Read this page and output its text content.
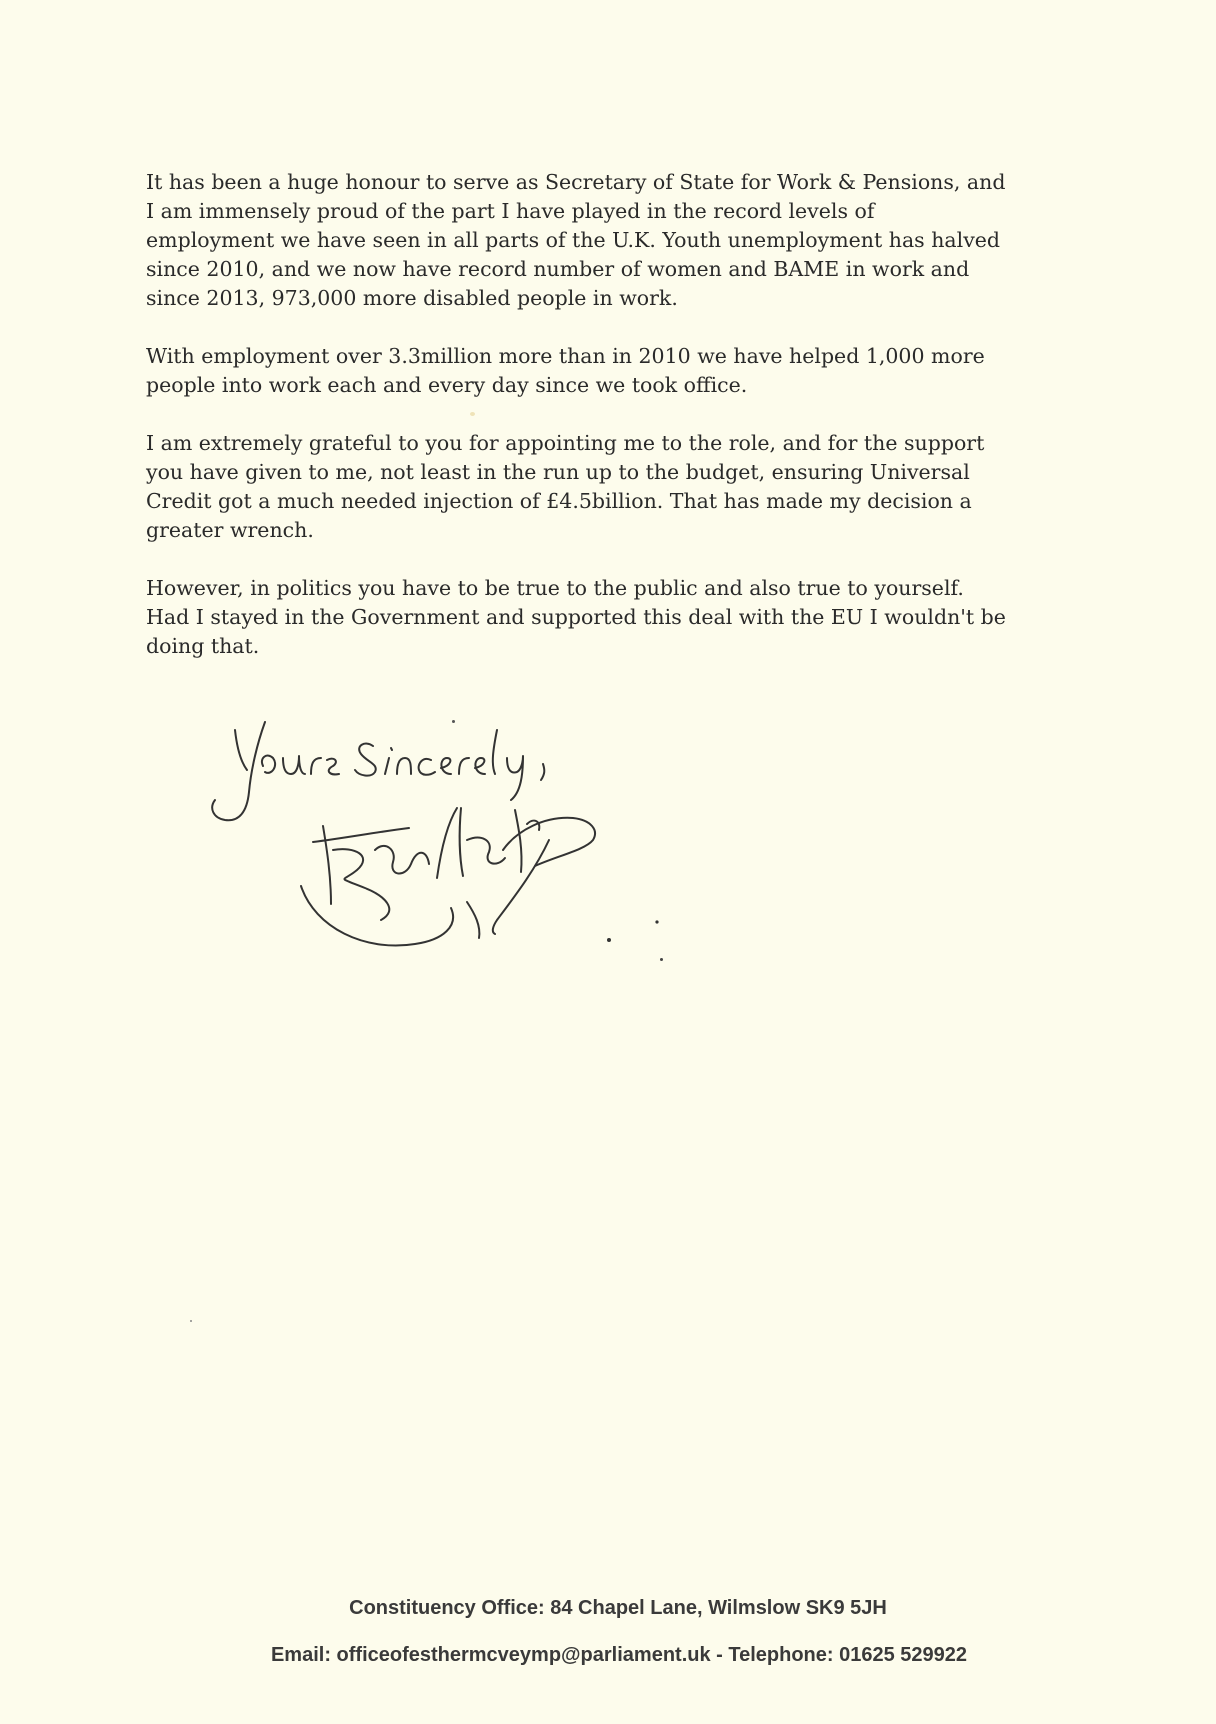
It has been a huge honour to serve as Secretary of State for Work & Pensions, and
I am immensely proud of the part I have played in the record levels of
employment we have seen in all parts of the U.K. Youth unemployment has halved
since 2010, and we now have record number of women and BAME in work and
since 2013, 973,000 more disabled people in work.

With employment over 3.3million more than in 2010 we have helped 1,000 more
people into work each and every day since we took office.

I am extremely grateful to you for appointing me to the role, and for the support
you have given to me, not least in the run up to the budget, ensuring Universal
Credit got a much needed injection of £4.5billion. That has made my decision a
greater wrench.

However, in politics you have to be true to the public and also true to yourself.
Had I stayed in the Government and supported this deal with the EU I wouldn't be
doing that.

Constituency Office: 84 Chapel Lane, Wilmslow SK9 5JH
Email: officeofesthermcveymp@parliament.uk - Telephone: 01625 529922
